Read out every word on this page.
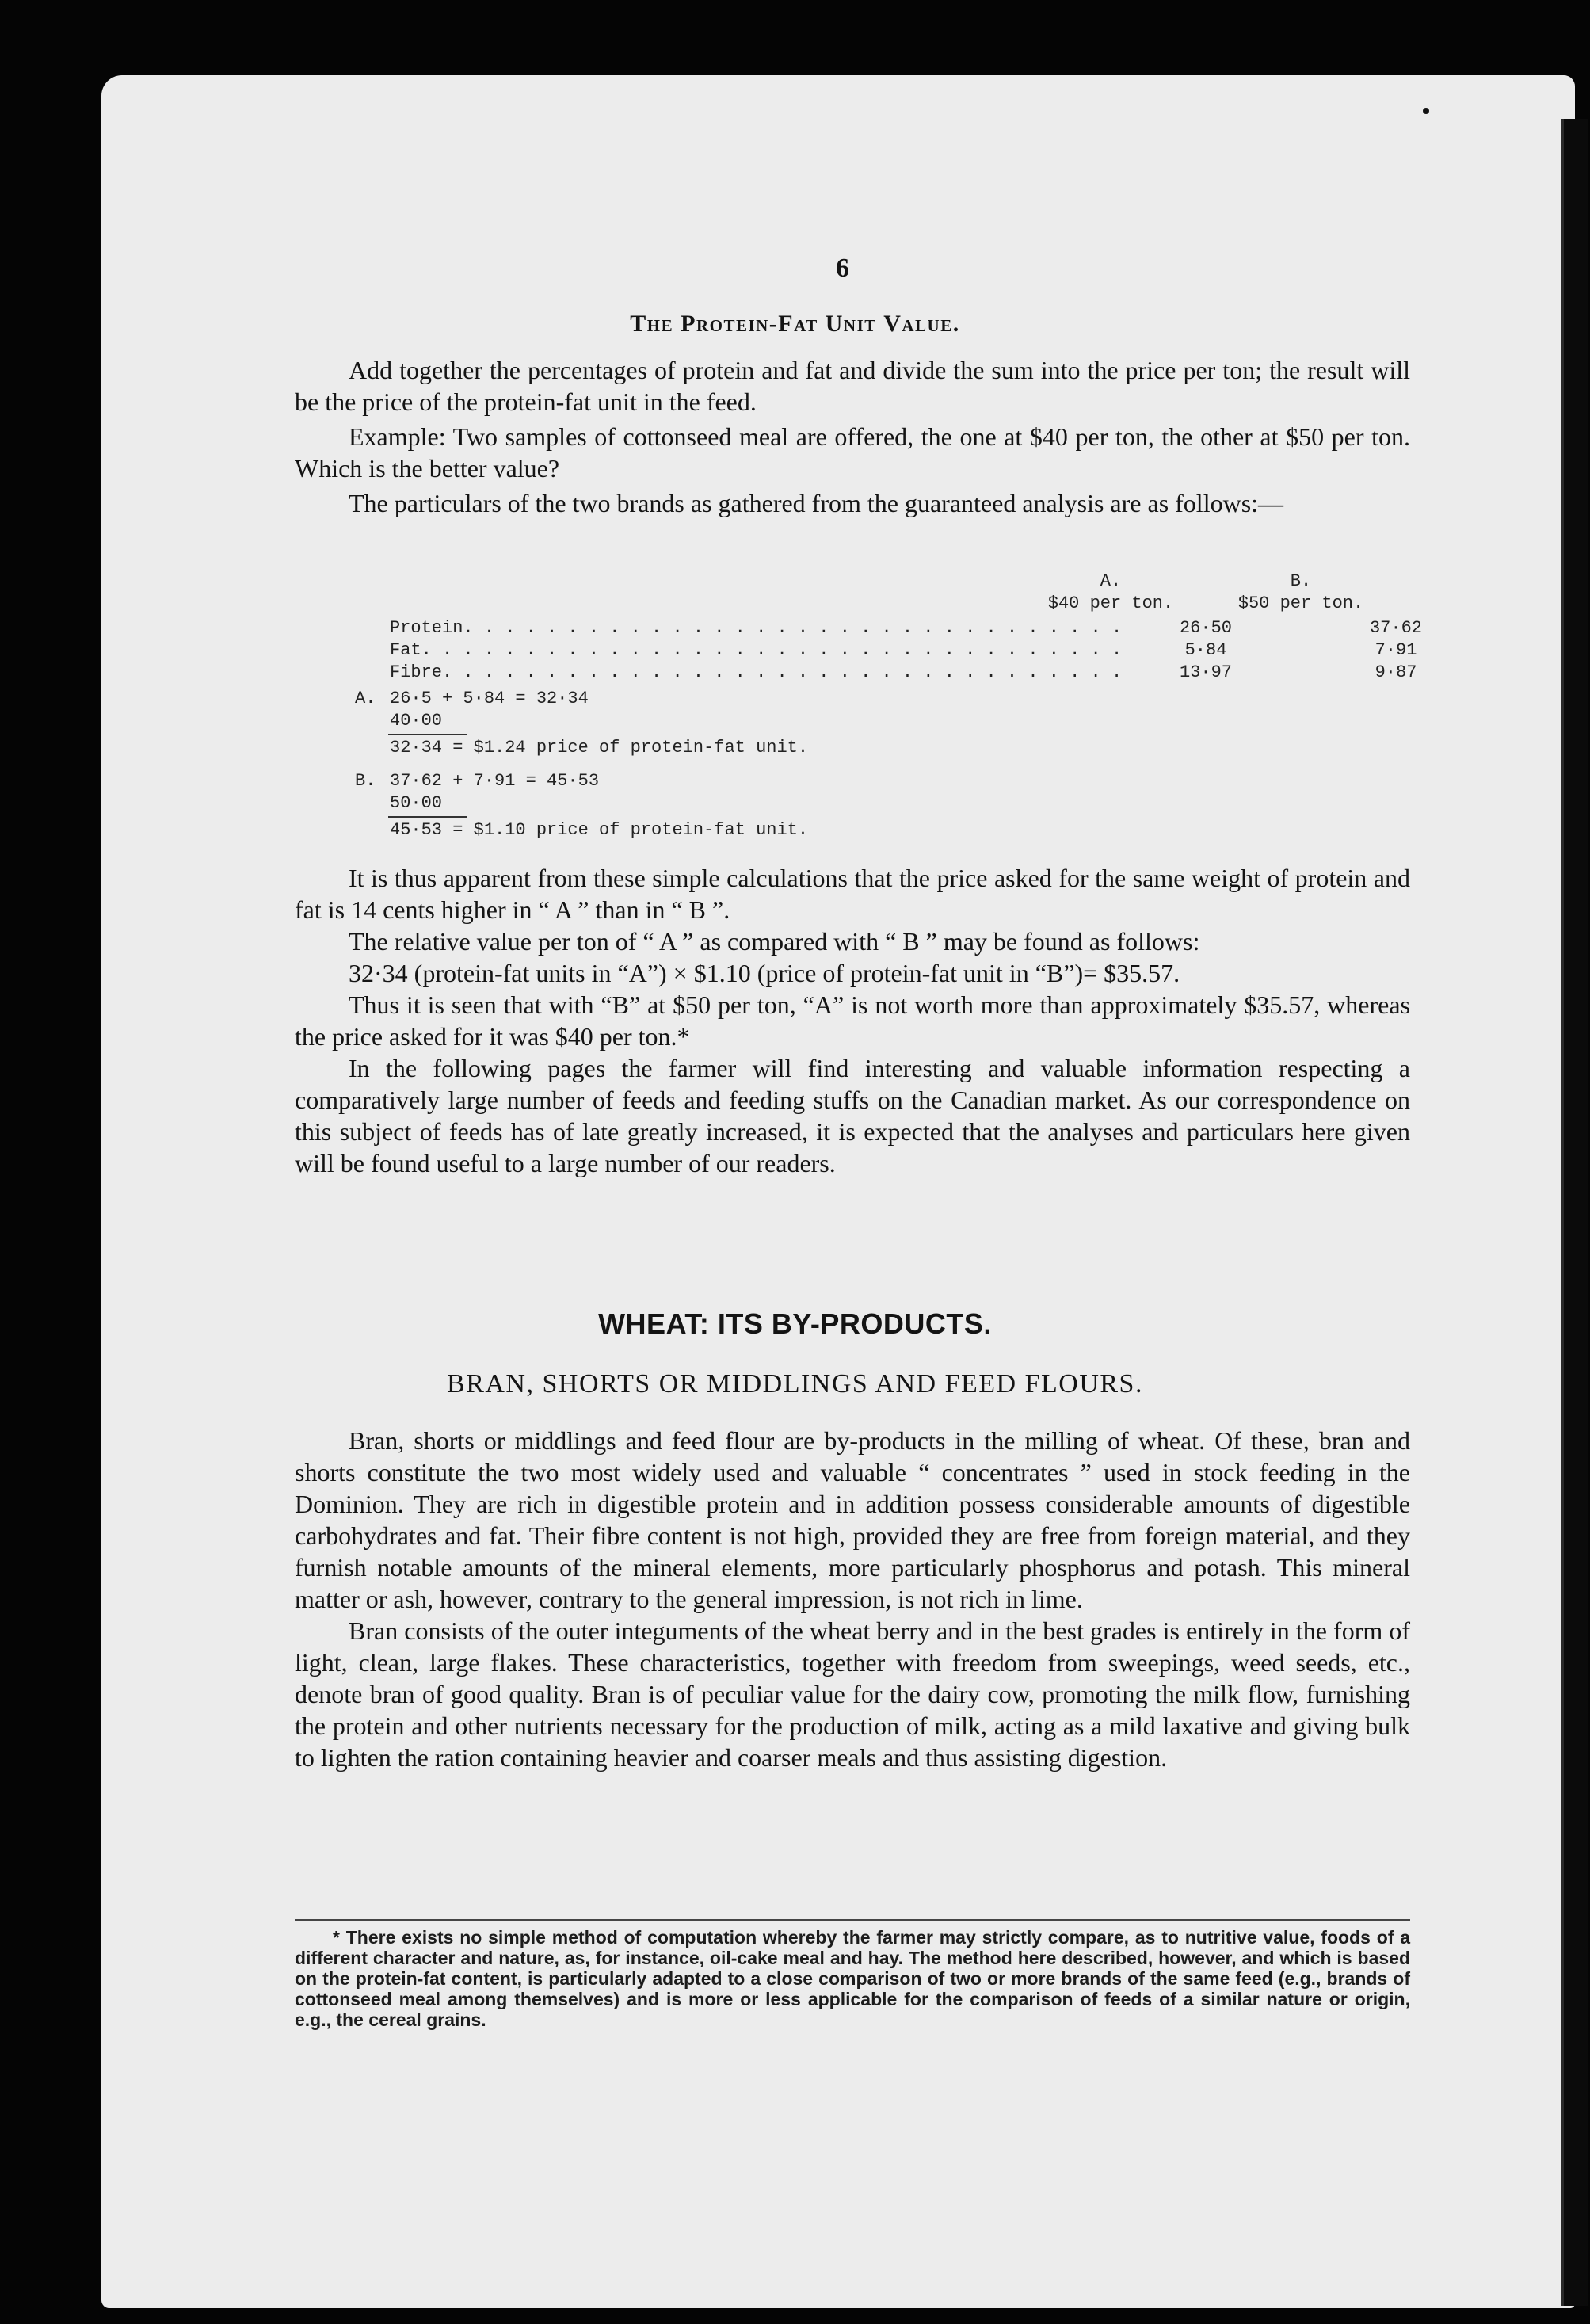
6
The Protein-Fat Unit Value.

Add together the percentages of protein and fat and divide the sum into the price per ton; the result will be the price of the protein-fat unit in the feed.

Example: Two samples of cottonseed meal are offered, the one at $40 per ton, the other at $50 per ton. Which is the better value?

The particulars of the two brands as gathered from the guaranteed analysis are as follows:—

A.	B.
$40 per ton.	$50 per ton.
Protein. . . . . . . . . . . . . . . . . . . . . . . . . . . . . . . .	26·50	37·62
Fat. . . . . . . . . . . . . . . . . . . . . . . . . . . . . . . . . .	5·84	7·91
Fibre. . . . . . . . . . . . . . . . . . . . . . . . . . . . . . . . .	13·97	9·87
A. 26·5 + 5·84 = 32·34
40·00
32·34 = $1.24 price of protein-fat unit.
B. 37·62 + 7·91 = 45·53
50·00
45·53 = $1.10 price of protein-fat unit.

It is thus apparent from these simple calculations that the price asked for the same weight of protein and fat is 14 cents higher in “ A ” than in “ B ”.

The relative value per ton of “ A ” as compared with “ B ” may be found as follows:

32·34 (protein-fat units in “A”) × $1.10 (price of protein-fat unit in “B”)= $35.57.

Thus it is seen that with “B” at $50 per ton, “A” is not worth more than approximately $35.57, whereas the price asked for it was $40 per ton.*

In the following pages the farmer will find interesting and valuable information respecting a comparatively large number of feeds and feeding stuffs on the Canadian market. As our correspondence on this subject of feeds has of late greatly increased, it is expected that the analyses and particulars here given will be found useful to a large number of our readers.

WHEAT: ITS BY-PRODUCTS.
BRAN, SHORTS OR MIDDLINGS AND FEED FLOURS.

Bran, shorts or middlings and feed flour are by-products in the milling of wheat. Of these, bran and shorts constitute the two most widely used and valuable “ concentrates ” used in stock feeding in the Dominion. They are rich in digestible protein and in addition possess considerable amounts of digestible carbohydrates and fat. Their fibre content is not high, provided they are free from foreign material, and they furnish notable amounts of the mineral elements, more particularly phosphorus and potash. This mineral matter or ash, however, contrary to the general impression, is not rich in lime.

Bran consists of the outer integuments of the wheat berry and in the best grades is entirely in the form of light, clean, large flakes. These characteristics, together with freedom from sweepings, weed seeds, etc., denote bran of good quality. Bran is of peculiar value for the dairy cow, promoting the milk flow, furnishing the protein and other nutrients necessary for the production of milk, acting as a mild laxative and giving bulk to lighten the ration containing heavier and coarser meals and thus assisting digestion.

* There exists no simple method of computation whereby the farmer may strictly compare, as to nutritive value, foods of a different character and nature, as, for instance, oil-cake meal and hay. The method here described, however, and which is based on the protein-fat content, is particularly adapted to a close comparison of two or more brands of the same feed (e.g., brands of cottonseed meal among themselves) and is more or less applicable for the comparison of feeds of a similar nature or origin, e.g., the cereal grains.
